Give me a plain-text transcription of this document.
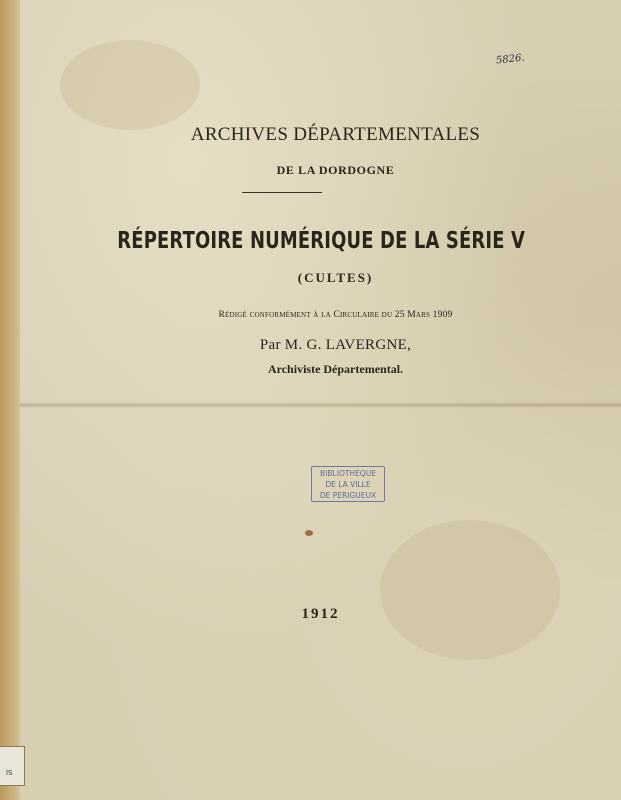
5826.
ARCHIVES DÉPARTEMENTALES
DE LA DORDOGNE
RÉPERTOIRE NUMÉRIQUE DE LA SÉRIE V
(CULTES)
Rédigé conformément à la Circulaire du 25 Mars 1909
Par M. G. LAVERGNE,
Archiviste Départemental.
BIBLIOTHEQUE
DE LA VILLE
DE PERIGUEUX
1912
lS
